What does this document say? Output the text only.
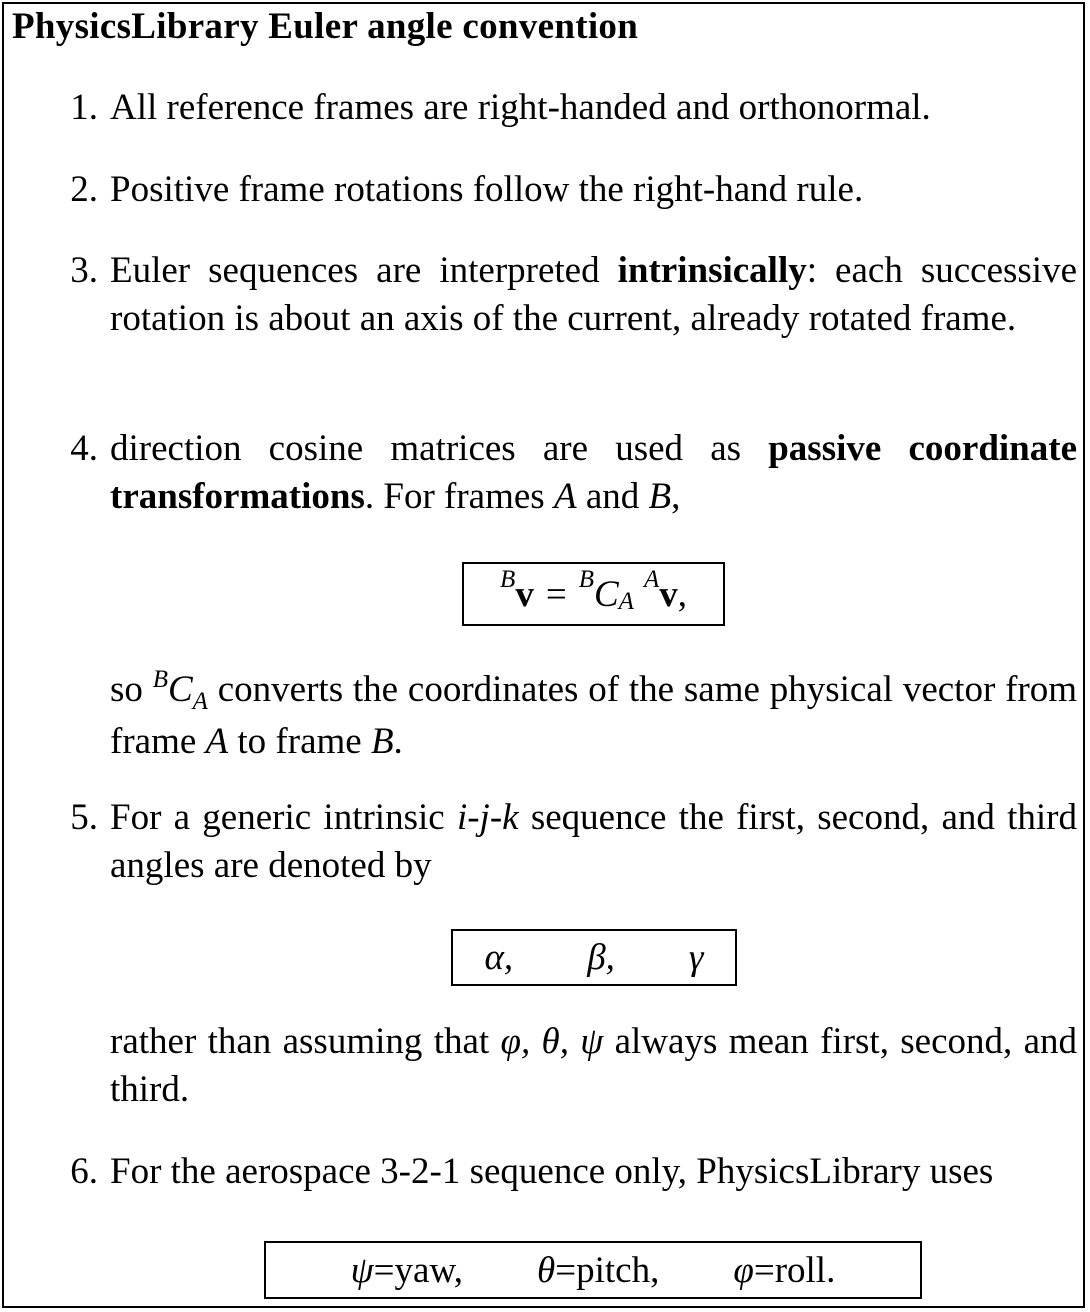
PhysicsLibrary Euler angle convention
1. All reference frames are right-handed and orthonormal.
2. Positive frame rotations follow the right-hand rule.
3. Euler sequences are interpreted intrinsically: each successive rotation is about an axis of the current, already rotated frame.
4. direction cosine matrices are used as passive coordinate transformations. For frames A and B,
B v = B C A
A v ,
so $^BC_A$ converts the coordinates of the same physical vector from frame A to frame B.
5. For a generic intrinsic i-j-k sequence the first, second, and third angles are denoted by
α, β, γ
rather than assuming that φ, θ, ψ always mean first, second, and third.
6. For the aerospace 3-2-1 sequence only, PhysicsLibrary uses
ψ = yaw, θ = pitch, φ = roll.
